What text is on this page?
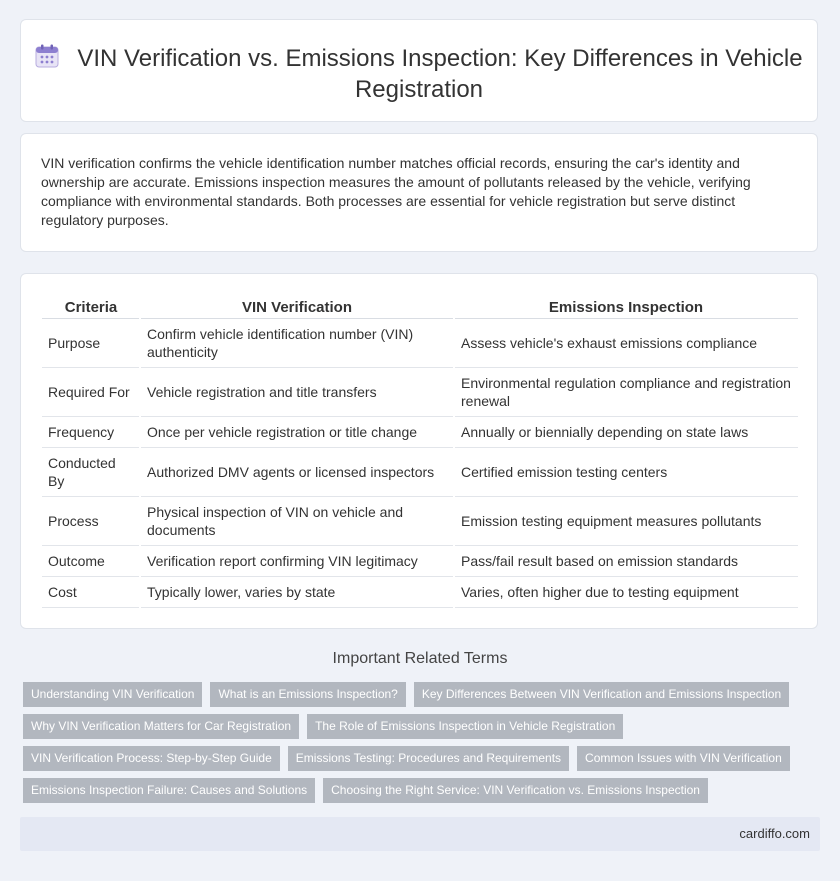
VIN Verification vs. Emissions Inspection: Key Differences in Vehicle Registration

VIN verification confirms the vehicle identification number matches official records, ensuring the car's identity and ownership are accurate. Emissions inspection measures the amount of pollutants released by the vehicle, verifying compliance with environmental standards. Both processes are essential for vehicle registration but serve distinct regulatory purposes.

Criteria	VIN Verification	Emissions Inspection
Purpose	Confirm vehicle identification number (VIN) authenticity	Assess vehicle's exhaust emissions compliance
Required For	Vehicle registration and title transfers	Environmental regulation compliance and registration renewal
Frequency	Once per vehicle registration or title change	Annually or biennially depending on state laws
Conducted By	Authorized DMV agents or licensed inspectors	Certified emission testing centers
Process	Physical inspection of VIN on vehicle and documents	Emission testing equipment measures pollutants
Outcome	Verification report confirming VIN legitimacy	Pass/fail result based on emission standards
Cost	Typically lower, varies by state	Varies, often higher due to testing equipment
Important Related Terms
Understanding VIN Verification	What is an Emissions Inspection?	Key Differences Between VIN Verification and Emissions Inspection
Why VIN Verification Matters for Car Registration	The Role of Emissions Inspection in Vehicle Registration
VIN Verification Process: Step-by-Step Guide	Emissions Testing: Procedures and Requirements	Common Issues with VIN Verification
Emissions Inspection Failure: Causes and Solutions	Choosing the Right Service: VIN Verification vs. Emissions Inspection
cardiffo.com
